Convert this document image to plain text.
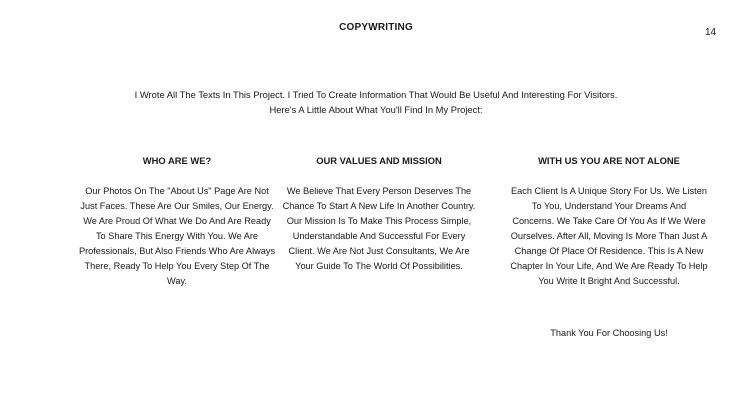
COPYWRITING	14
I Wrote All The Texts In This Project. I Tried To Create Information That Would Be Useful And Interesting For Visitors.
Here's A Little About What You'll Find In My Project:
WHO ARE WE?

Our Photos On The "About Us" Page Are Not Just Faces. These Are Our Smiles, Our Energy. We Are Proud Of What We Do And Are Ready To Share This Energy With You. We Are Professionals, But Also Friends Who Are Always There, Ready To Help You Every Step Of The Way.

OUR VALUES AND MISSION

We Believe That Every Person Deserves The Chance To Start A New Life In Another Country. Our Mission Is To Make This Process Simple, Understandable And Successful For Every Client. We Are Not Just Consultants, We Are Your Guide To The World Of Possibilities.

WITH US YOU ARE NOT ALONE

Each Client Is A Unique Story For Us. We Listen To You, Understand Your Dreams And Concerns. We Take Care Of You As If We Were Ourselves. After All, Moving Is More Than Just A Change Of Place Of Residence. This Is A New Chapter In Your Life, And We Are Ready To Help You Write It Bright And Successful.

Thank You For Choosing Us!
